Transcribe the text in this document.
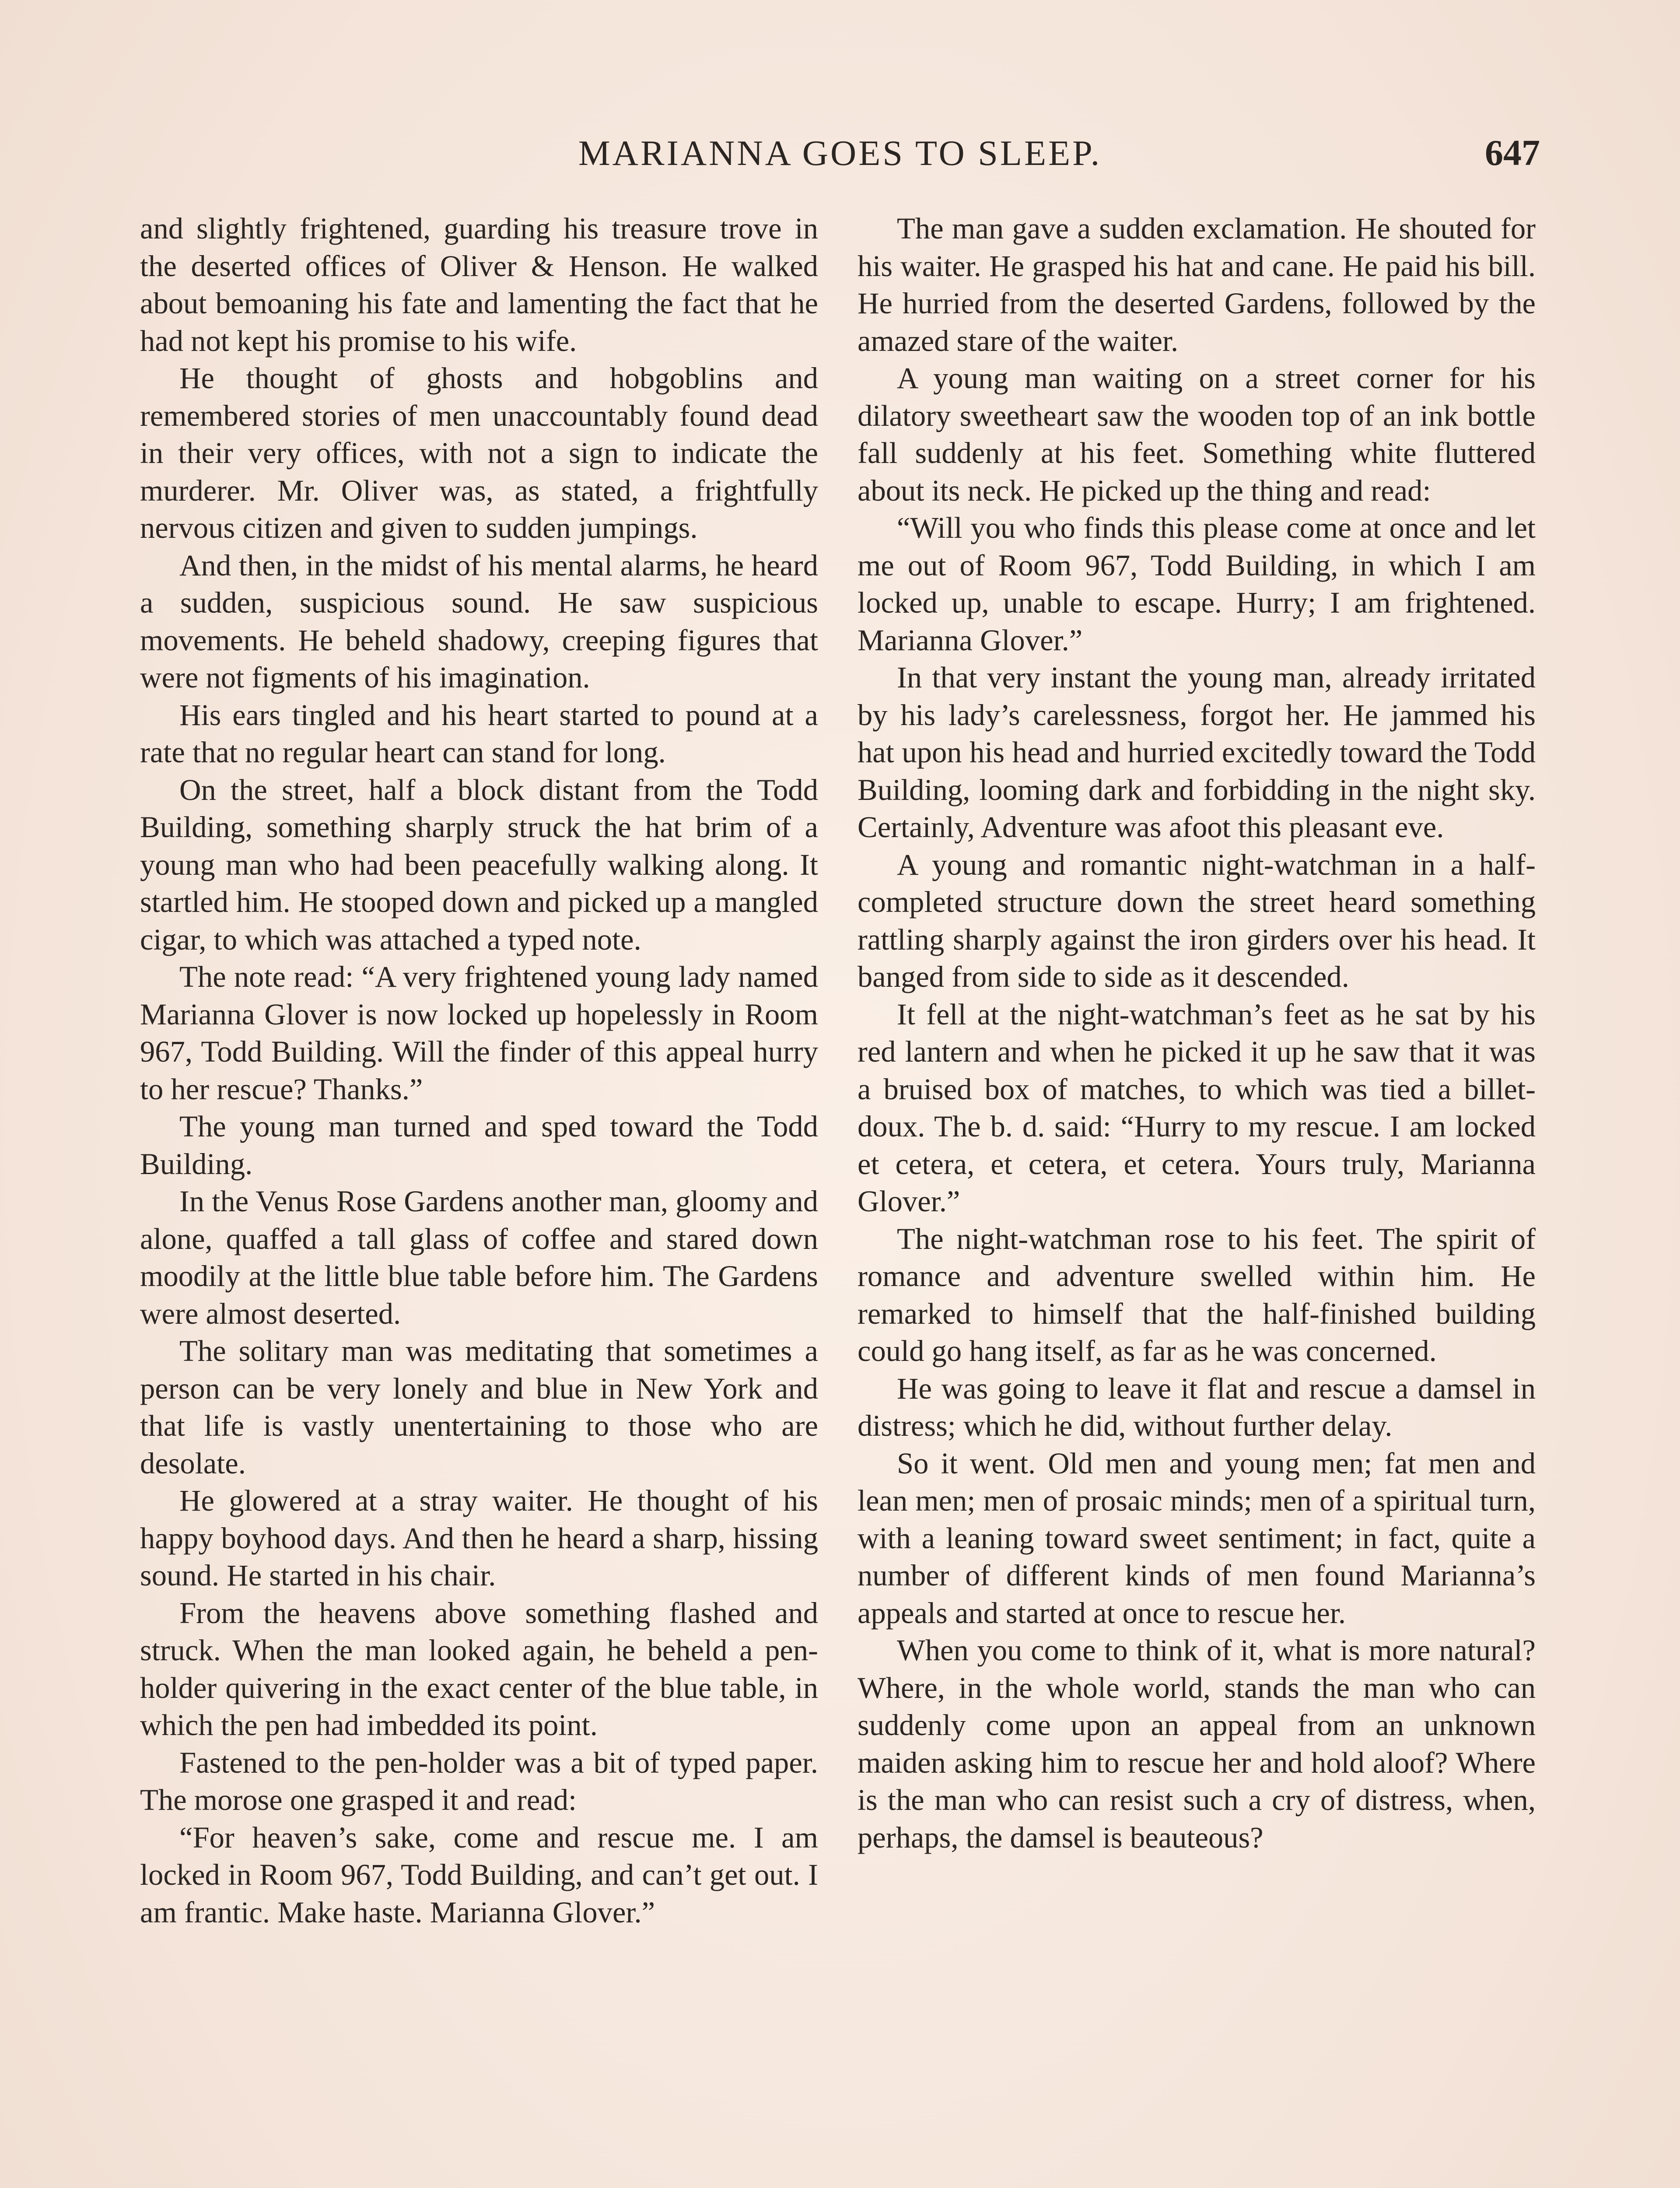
MARIANNA GOES TO SLEEP.	647

and slightly frightened, guarding his treasure trove in the deserted offices of Oliver & Henson. He walked about bemoaning his fate and lamenting the fact that he had not kept his promise to his wife.

He thought of ghosts and hobgoblins and remembered stories of men unaccountably found dead in their very offices, with not a sign to indicate the murderer. Mr. Oliver was, as stated, a frightfully nervous citizen and given to sudden jumpings.

And then, in the midst of his mental alarms, he heard a sudden, suspicious sound. He saw suspicious movements. He beheld shadowy, creeping figures that were not figments of his imagination.

His ears tingled and his heart started to pound at a rate that no regular heart can stand for long.

On the street, half a block distant from the Todd Building, something sharply struck the hat brim of a young man who had been peacefully walking along. It startled him. He stooped down and picked up a mangled cigar, to which was attached a typed note.

The note read: “A very frightened young lady named Marianna Glover is now locked up hopelessly in Room 967, Todd Building. Will the finder of this appeal hurry to her rescue? Thanks.”

The young man turned and sped toward the Todd Building.

In the Venus Rose Gardens another man, gloomy and alone, quaffed a tall glass of coffee and stared down moodily at the little blue table before him. The Gardens were almost deserted.

The solitary man was meditating that sometimes a person can be very lonely and blue in New York and that life is vastly unentertaining to those who are desolate.

He glowered at a stray waiter. He thought of his happy boyhood days. And then he heard a sharp, hissing sound. He started in his chair.

From the heavens above something flashed and struck. When the man looked again, he beheld a pen-holder quivering in the exact center of the blue table, in which the pen had imbedded its point.

Fastened to the pen-holder was a bit of typed paper. The morose one grasped it and read:

“For heaven’s sake, come and rescue me. I am locked in Room 967, Todd Building, and can’t get out. I am frantic. Make haste. Marianna Glover.”

The man gave a sudden exclamation. He shouted for his waiter. He grasped his hat and cane. He paid his bill. He hurried from the deserted Gardens, followed by the amazed stare of the waiter.

A young man waiting on a street corner for his dilatory sweetheart saw the wooden top of an ink bottle fall suddenly at his feet. Something white fluttered about its neck. He picked up the thing and read:

“Will you who finds this please come at once and let me out of Room 967, Todd Building, in which I am locked up, unable to escape. Hurry; I am frightened. Marianna Glover.”

In that very instant the young man, already irritated by his lady’s carelessness, forgot her. He jammed his hat upon his head and hurried excitedly toward the Todd Building, looming dark and forbidding in the night sky. Certainly, Adventure was afoot this pleasant eve.

A young and romantic night-watchman in a half-completed structure down the street heard something rattling sharply against the iron girders over his head. It banged from side to side as it descended.

It fell at the night-watchman’s feet as he sat by his red lantern and when he picked it up he saw that it was a bruised box of matches, to which was tied a billet-doux. The b. d. said: “Hurry to my rescue. I am locked et cetera, et cetera, et cetera. Yours truly, Marianna Glover.”

The night-watchman rose to his feet. The spirit of romance and adventure swelled within him. He remarked to himself that the half-finished building could go hang itself, as far as he was concerned.

He was going to leave it flat and rescue a damsel in distress; which he did, without further delay.

So it went. Old men and young men; fat men and lean men; men of prosaic minds; men of a spiritual turn, with a leaning toward sweet sentiment; in fact, quite a number of different kinds of men found Marianna’s appeals and started at once to rescue her.

When you come to think of it, what is more natural? Where, in the whole world, stands the man who can suddenly come upon an appeal from an unknown maiden asking him to rescue her and hold aloof? Where is the man who can resist such a cry of distress, when, perhaps, the damsel is beauteous?
